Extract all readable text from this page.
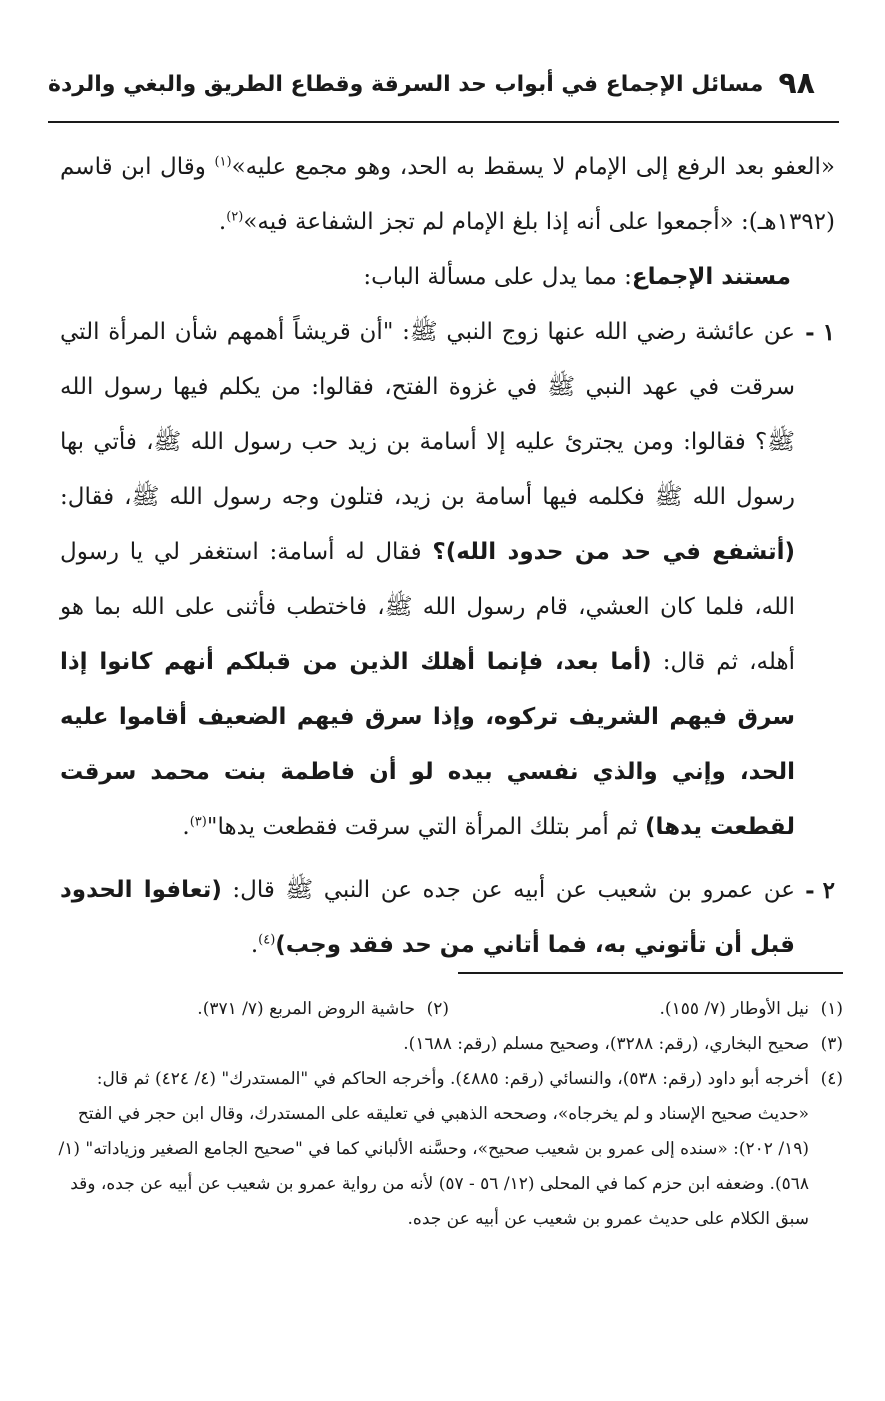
٩٨
مسائل الإجماع في أبواب حد السرقة وقطاع الطريق والبغي والردة

«العفو بعد الرفع إلى الإمام لا يسقط به الحد، وهو مجمع عليه»$^{(١)}$ وقال ابن قاسم (١٣٩٢هـ): «أجمعوا على أنه إذا بلغ الإمام لم تجز الشفاعة فيه»$^{(٢)}$.

مستند الإجماع: مما يدل على مسألة الباب:

١ -
عن عائشة رضي الله عنها زوج النبي ﷺ: "أن قريشاً أهمهم شأن المرأة التي سرقت في عهد النبي ﷺ في غزوة الفتح، فقالوا: من يكلم فيها رسول الله ﷺ؟ فقالوا: ومن يجترئ عليه إلا أسامة بن زيد حب رسول الله ﷺ، فأتي بها رسول الله ﷺ فكلمه فيها أسامة بن زيد، فتلون وجه رسول الله ﷺ، فقال: (أتشفع في حد من حدود الله)؟ فقال له أسامة: استغفر لي يا رسول الله، فلما كان العشي، قام رسول الله ﷺ، فاختطب فأثنى على الله بما هو أهله، ثم قال: (أما بعد، فإنما أهلك الذين من قبلكم أنهم كانوا إذا سرق فيهم الشريف تركوه، وإذا سرق فيهم الضعيف أقاموا عليه الحد، وإني والذي نفسي بيده لو أن فاطمة بنت محمد سرقت لقطعت يدها) ثم أمر بتلك المرأة التي سرقت فقطعت يدها"$^{(٣)}$.

٢ -
عن عمرو بن شعيب عن أبيه عن جده عن النبي ﷺ قال: (تعافوا الحدود قبل أن تأتوني به، فما أتاني من حد فقد وجب)$^{(٤)}$.

(١)
نيل الأوطار (٧/ ١٥٥).
(٢)
حاشية الروض المربع (٧/ ٣٧١).
(٣)
صحيح البخاري، (رقم: ٣٢٨٨)، وصحيح مسلم (رقم: ١٦٨٨).
(٤)
أخرجه أبو داود (رقم: ٥٣٨)، والنسائي (رقم: ٤٨٨٥). وأخرجه الحاكم في "المستدرك" (٤/ ٤٢٤) ثم قال: «حديث صحيح الإسناد و لم يخرجاه»، وصححه الذهبي في تعليقه على المستدرك، وقال ابن حجر في الفتح (١٩/ ٢٠٢): «سنده إلى عمرو بن شعيب صحيح»، وحسَّنه الألباني كما في "صحيح الجامع الصغير وزياداته" (١/ ٥٦٨). وضعفه ابن حزم كما في المحلى (١٢/ ٥٦ - ٥٧) لأنه من رواية عمرو بن شعيب عن أبيه عن جده، وقد سبق الكلام على حديث عمرو بن شعيب عن أبيه عن جده.
